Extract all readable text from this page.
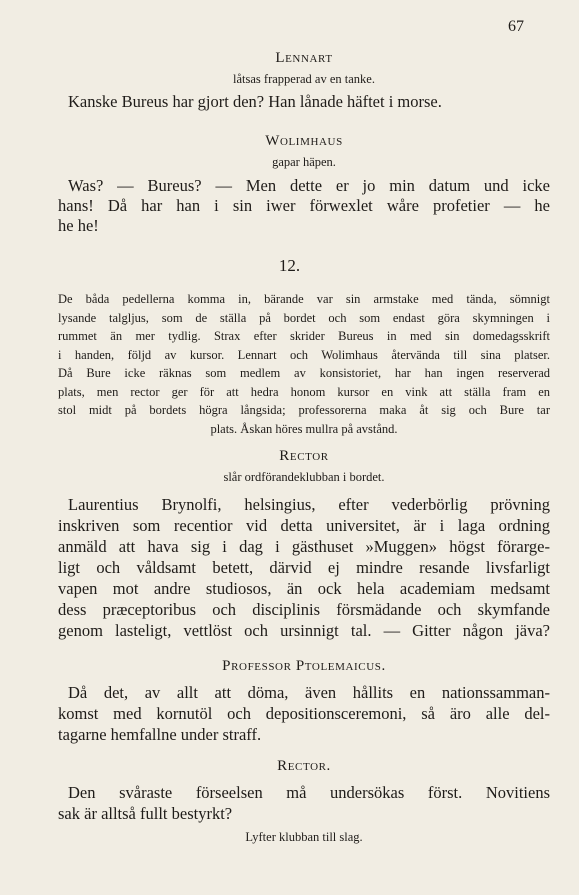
67
Lennart
låtsas frapperad av en tanke.
Kanske Bureus har gjort den? Han lånade häftet i morse.
Wolimhaus
gapar häpen.
Was? — Bureus? — Men dette er jo min datum und icke
hans! Då har han i sin iwer förwexlet wåre profetier — he
he he!
12.
De båda pedellerna komma in, bärande var sin armstake med tända, sömnigt
lysande talgljus, som de ställa på bordet och som endast göra skymningen i
rummet än mer tydlig. Strax efter skrider Bureus in med sin domedagsskrift
i handen, följd av kursor. Lennart och Wolimhaus återvända till sina platser.
Då Bure icke räknas som medlem av konsistoriet, har han ingen reserverad
plats, men rector ger för att hedra honom kursor en vink att ställa fram en
stol midt på bordets högra långsida; professorerna maka åt sig och Bure tar
plats. Åskan höres mullra på avstånd.
Rector
slår ordförandeklubban i bordet.
Laurentius Brynolfi, helsingius, efter vederbörlig prövning
inskriven som recentior vid detta universitet, är i laga ordning
anmäld att hava sig i dag i gästhuset »Muggen» högst förarge-
ligt och våldsamt betett, därvid ej mindre resande livsfarligt
vapen mot andre studiosos, än ock hela academiam medsamt
dess præceptoribus och disciplinis försmädande och skymfande
genom lasteligt, vettlöst och ursinnigt tal. — Gitter någon jäva?
Professor Ptolemaicus.
Då det, av allt att döma, även hållits en nationssamman-
komst med kornutöl och depositionsceremoni, så äro alle del-
tagarne hemfallne under straff.
Rector.
Den svåraste förseelsen må undersökas först. Novitiens
sak är alltså fullt bestyrkt?
Lyfter klubban till slag.
